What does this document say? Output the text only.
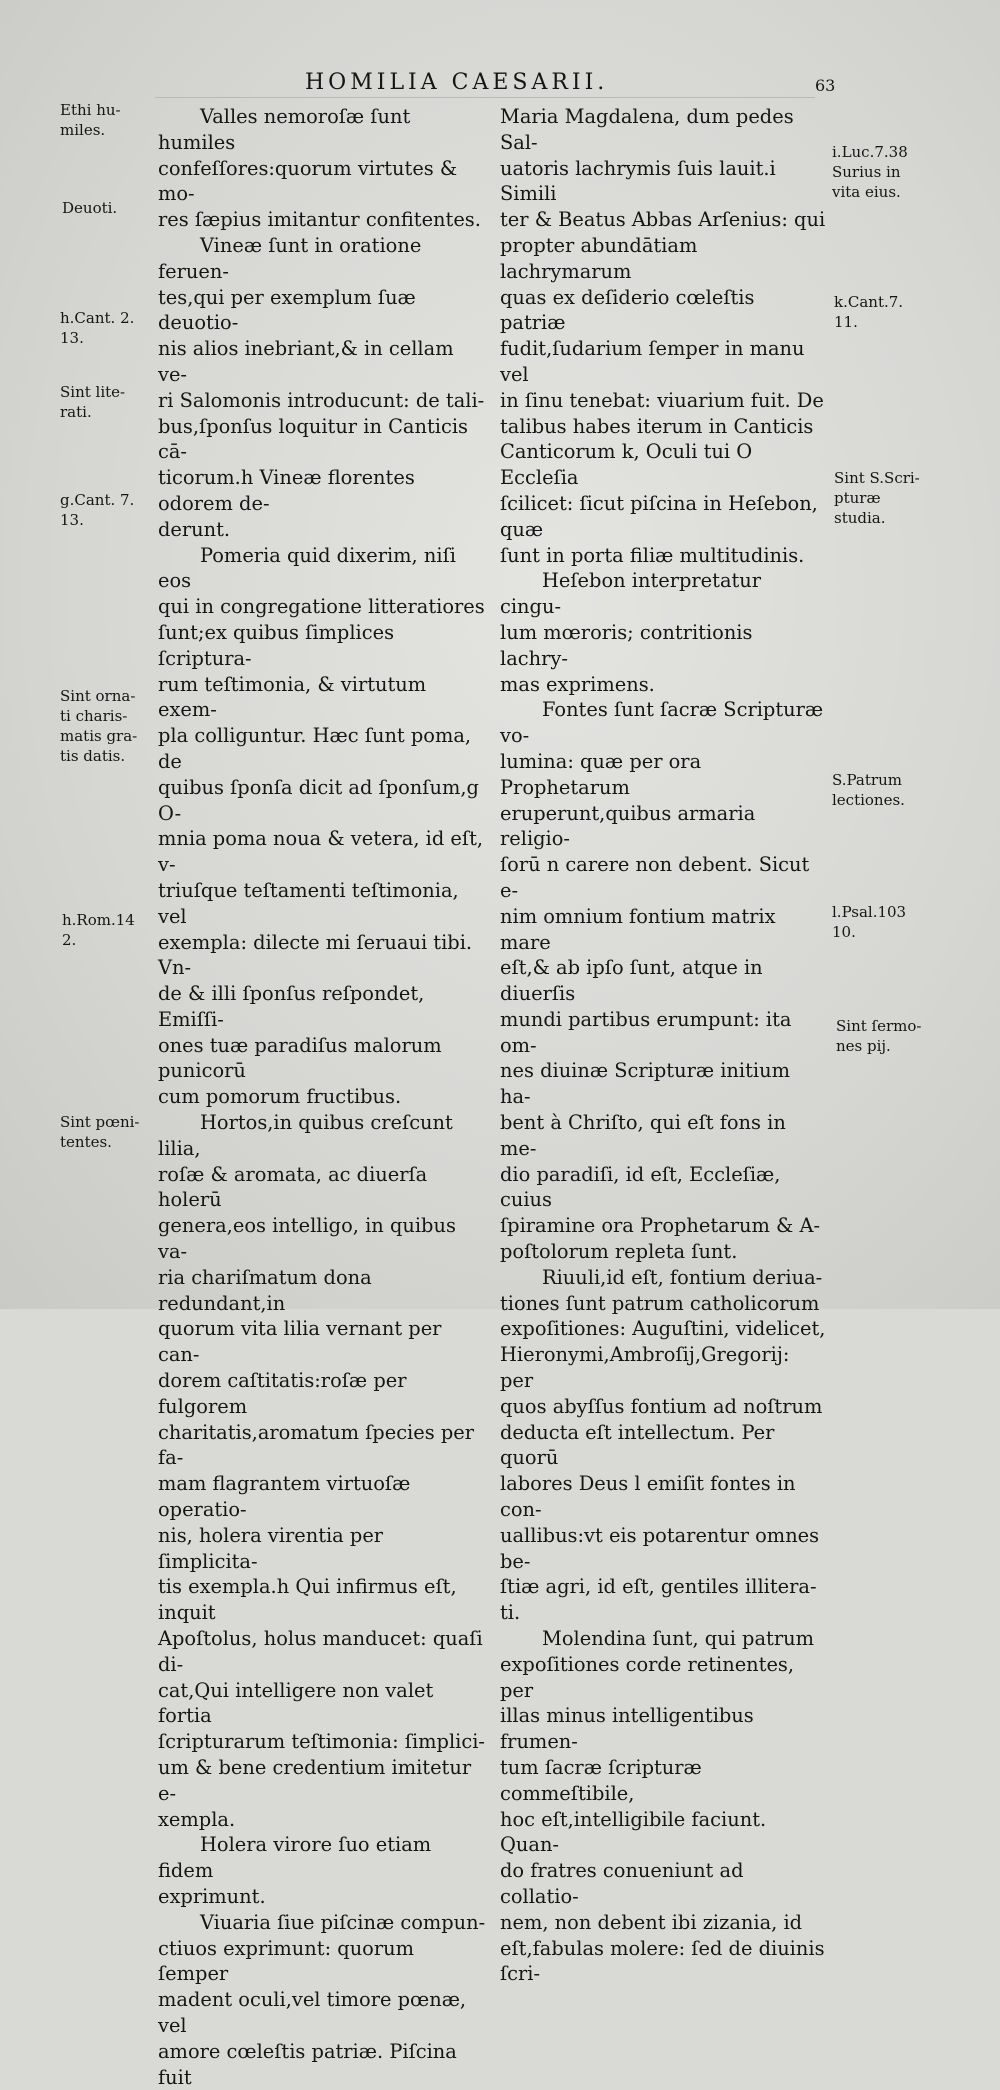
HOMILIA CAESARII.	63
Ethi hu-
miles.
Deuoti.
h.Cant. 2.
13.
Sint lite-
rati.
g.Cant. 7.
13.
Sint orna-
ti charis-
matis gra-
tis datis.
h.Rom.14
2.
Sint pœni-
tentes.
i.Luc.7.38
Surius in
vita eius.
k.Cant.7.
11.
Sint S.Scri-
pturæ
studia.
S.Patrum
lectiones.
l.Psal.103
10.
Sint ſermo-
nes pij.

Valles nemoroſæ ſunt humiles

confeſſores:quorum virtutes & mo-

res ſæpius imitantur confitentes.

Vineæ ſunt in oratione feruen-

tes,qui per exemplum ſuæ deuotio-

nis alios inebriant,& in cellam ve-

ri Salomonis introducunt: de tali-

bus,ſponſus loquitur in Canticis cā-

ticorum.h Vineæ florentes odorem de-

derunt.

Pomeria quid dixerim, niſi eos

qui in congregatione litteratiores

ſunt;ex quibus ſimplices ſcriptura-

rum teſtimonia, & virtutum exem-

pla colliguntur. Hæc ſunt poma, de

quibus ſponſa dicit ad ſponſum,g O-

mnia poma noua & vetera, id eſt, v-

triuſque teſtamenti teſtimonia, vel

exempla: dilecte mi ſeruaui tibi. Vn-

de & illi ſponſus reſpondet, Emiſſi-

ones tuæ paradiſus malorum punicorū

cum pomorum fructibus.

Hortos,in quibus creſcunt lilia,

roſæ & aromata, ac diuerſa holerū

genera,eos intelligo, in quibus va-

ria chariſmatum dona redundant,in

quorum vita lilia vernant per can-

dorem caſtitatis:roſæ per fulgorem

charitatis,aromatum ſpecies per fa-

mam flagrantem virtuoſæ operatio-

nis, holera virentia per ſimplicita-

tis exempla.h Qui infirmus eſt, inquit

Apoſtolus, holus manducet: quaſi di-

cat,Qui intelligere non valet fortia

ſcripturarum teſtimonia: ſimplici-

um & bene credentium imitetur e-

xempla.

Holera virore ſuo etiam fidem

exprimunt.

Viuaria ſiue piſcinæ compun-

ctiuos exprimunt: quorum ſemper

madent oculi,vel timore pœnæ, vel

amore cœleſtis patriæ. Piſcina fuit

Maria Magdalena, dum pedes Sal-

uatoris lachrymis ſuis lauit.i Simili

ter & Beatus Abbas Arſenius: qui

propter abundātiam lachrymarum

quas ex deſiderio cœleſtis patriæ

fudit,ſudarium ſemper in manu vel

in ſinu tenebat: viuarium fuit. De

talibus habes iterum in Canticis

Canticorum k, Oculi tui O Eccleſia

ſcilicet: ſicut piſcina in Heſebon, quæ

ſunt in porta filiæ multitudinis.

Heſebon interpretatur cingu-

lum mœroris; contritionis lachry-

mas exprimens.

Fontes ſunt ſacræ Scripturæ vo-

lumina: quæ per ora Prophetarum

eruperunt,quibus armaria religio-

ſorū n carere non debent. Sicut e-

nim omnium fontium matrix mare

eſt,& ab ipſo ſunt, atque in diuerſis

mundi partibus erumpunt: ita om-

nes diuinæ Scripturæ initium ha-

bent à Chriſto, qui eſt fons in me-

dio paradiſi, id eſt, Eccleſiæ, cuius

ſpiramine ora Prophetarum & A-

poſtolorum repleta ſunt.

Riuuli,id eſt, fontium deriua-

tiones ſunt patrum catholicorum

expoſitiones: Auguſtini, videlicet,

Hieronymi,Ambroſij,Gregorij: per

quos abyſſus fontium ad noſtrum

deducta eſt intellectum. Per quorū

labores Deus l emiſit fontes in con-

uallibus:vt eis potarentur omnes be-

ſtiæ agri, id eſt, gentiles illitera-

ti.

Molendina ſunt, qui patrum

expoſitiones corde retinentes, per

illas minus intelligentibus frumen-

tum ſacræ ſcripturæ commeſtibile,

hoc eſt,intelligibile faciunt. Quan-

do fratres conueniunt ad collatio-

nem, non debent ibi zizania, id

eſt,fabulas molere: ſed de diuinis

ſcri-
